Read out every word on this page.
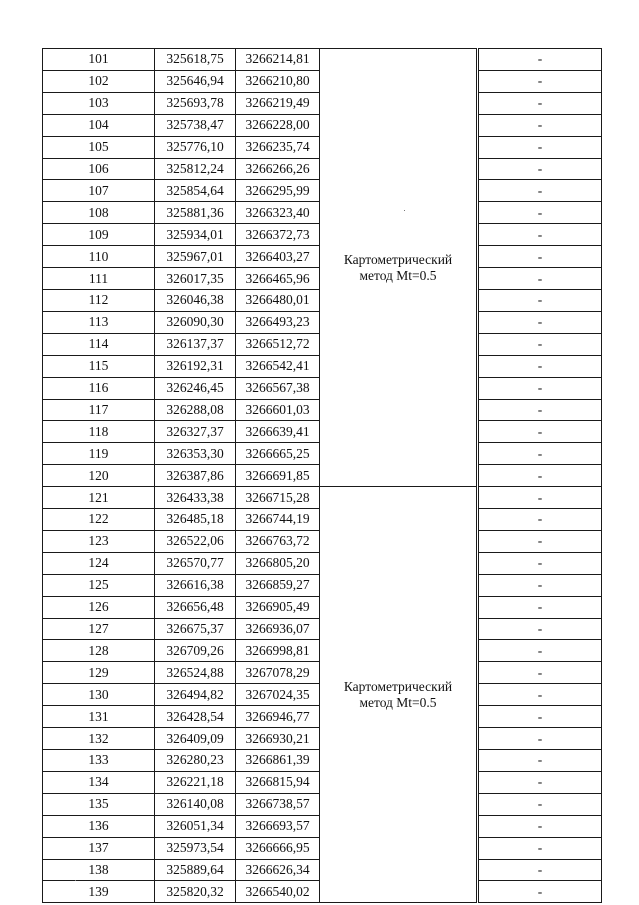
101	325618,75	3266214,81	Картометрический метод Mt=0.5		-
102	325646,94	3266210,80			-
103	325693,78	3266219,49			-
104	325738,47	3266228,00			-
105	325776,10	3266235,74			-
106	325812,24	3266266,26			-
107	325854,64	3266295,99			-
108	325881,36	3266323,40			-
109	325934,01	3266372,73			-
110	325967,01	3266403,27			-
111	326017,35	3266465,96			-
112	326046,38	3266480,01			-
113	326090,30	3266493,23			-
114	326137,37	3266512,72			-
115	326192,31	3266542,41			-
116	326246,45	3266567,38			-
117	326288,08	3266601,03			-
118	326327,37	3266639,41			-
119	326353,30	3266665,25			-
120	326387,86	3266691,85			-
121	326433,38	3266715,28	Картометрический метод Mt=0.5		-
122	326485,18	3266744,19			-
123	326522,06	3266763,72			-
124	326570,77	3266805,20			-
125	326616,38	3266859,27			-
126	326656,48	3266905,49			-
127	326675,37	3266936,07			-
128	326709,26	3266998,81			-
129	326524,88	3267078,29			-
130	326494,82	3267024,35			-
131	326428,54	3266946,77			-
132	326409,09	3266930,21			-
133	326280,23	3266861,39			-
134	326221,18	3266815,94			-
135	326140,08	3266738,57			-
136	326051,34	3266693,57			-
137	325973,54	3266666,95			-
138	325889,64	3266626,34			-
139	325820,32	3266540,02			-
